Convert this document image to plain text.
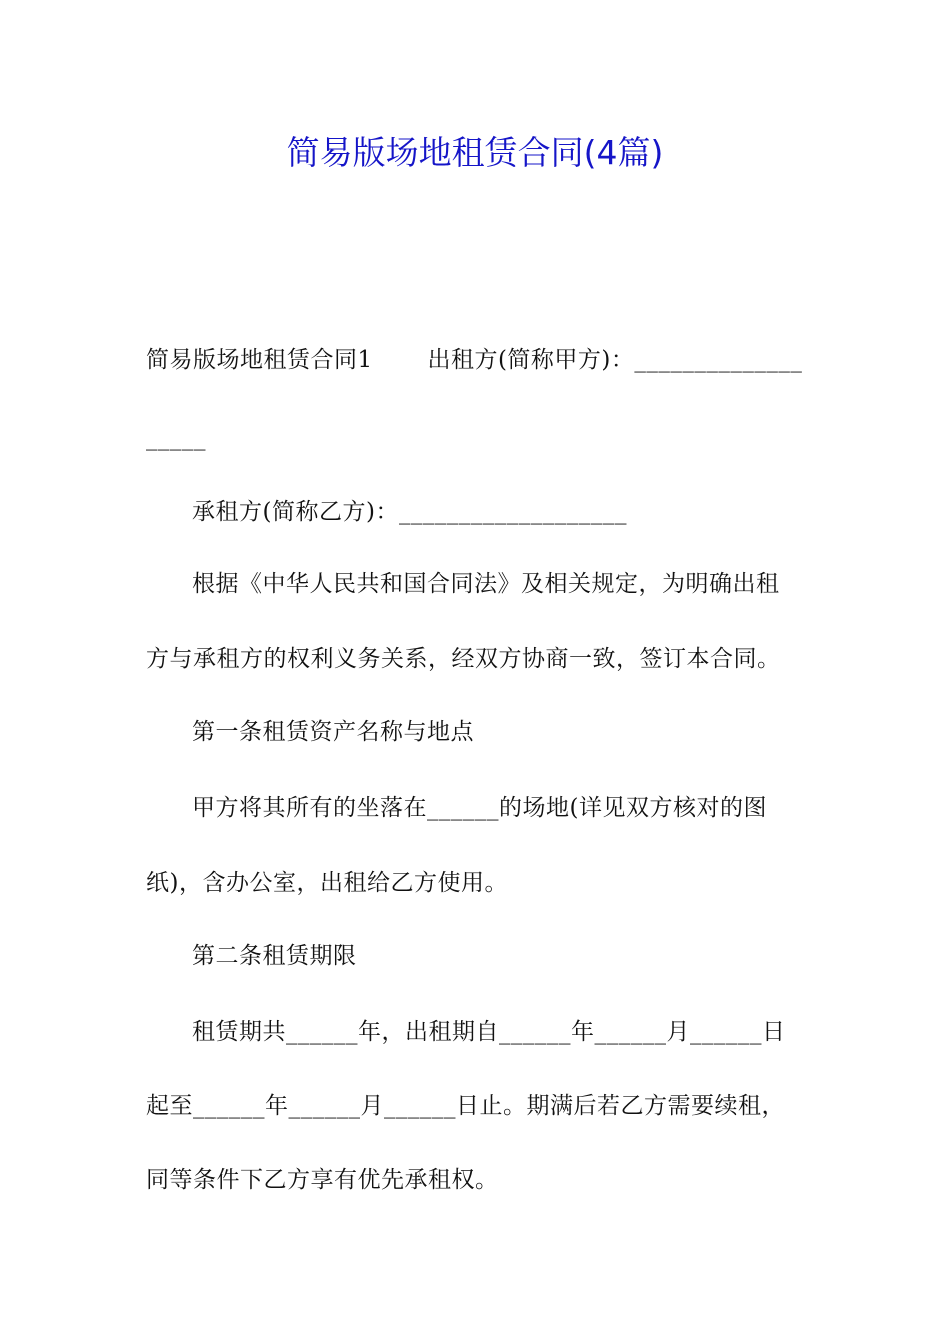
简易版场地租赁合同(4篇)
简易版场地租赁合同1　　 出租方(简称甲方)：______________
_____
承租方(简称乙方)：___________________
根据《中华人民共和国合同法》及相关规定，为明确出租
方与承租方的权利义务关系，经双方协商一致，签订本合同。
第一条租赁资产名称与地点
甲方将其所有的坐落在______的场地(详见双方核对的图
纸)，含办公室，出租给乙方使用。
第二条租赁期限
租赁期共______年，出租期自______年______月______日
起至______年______月______日止。期满后若乙方需要续租，
同等条件下乙方享有优先承租权。
